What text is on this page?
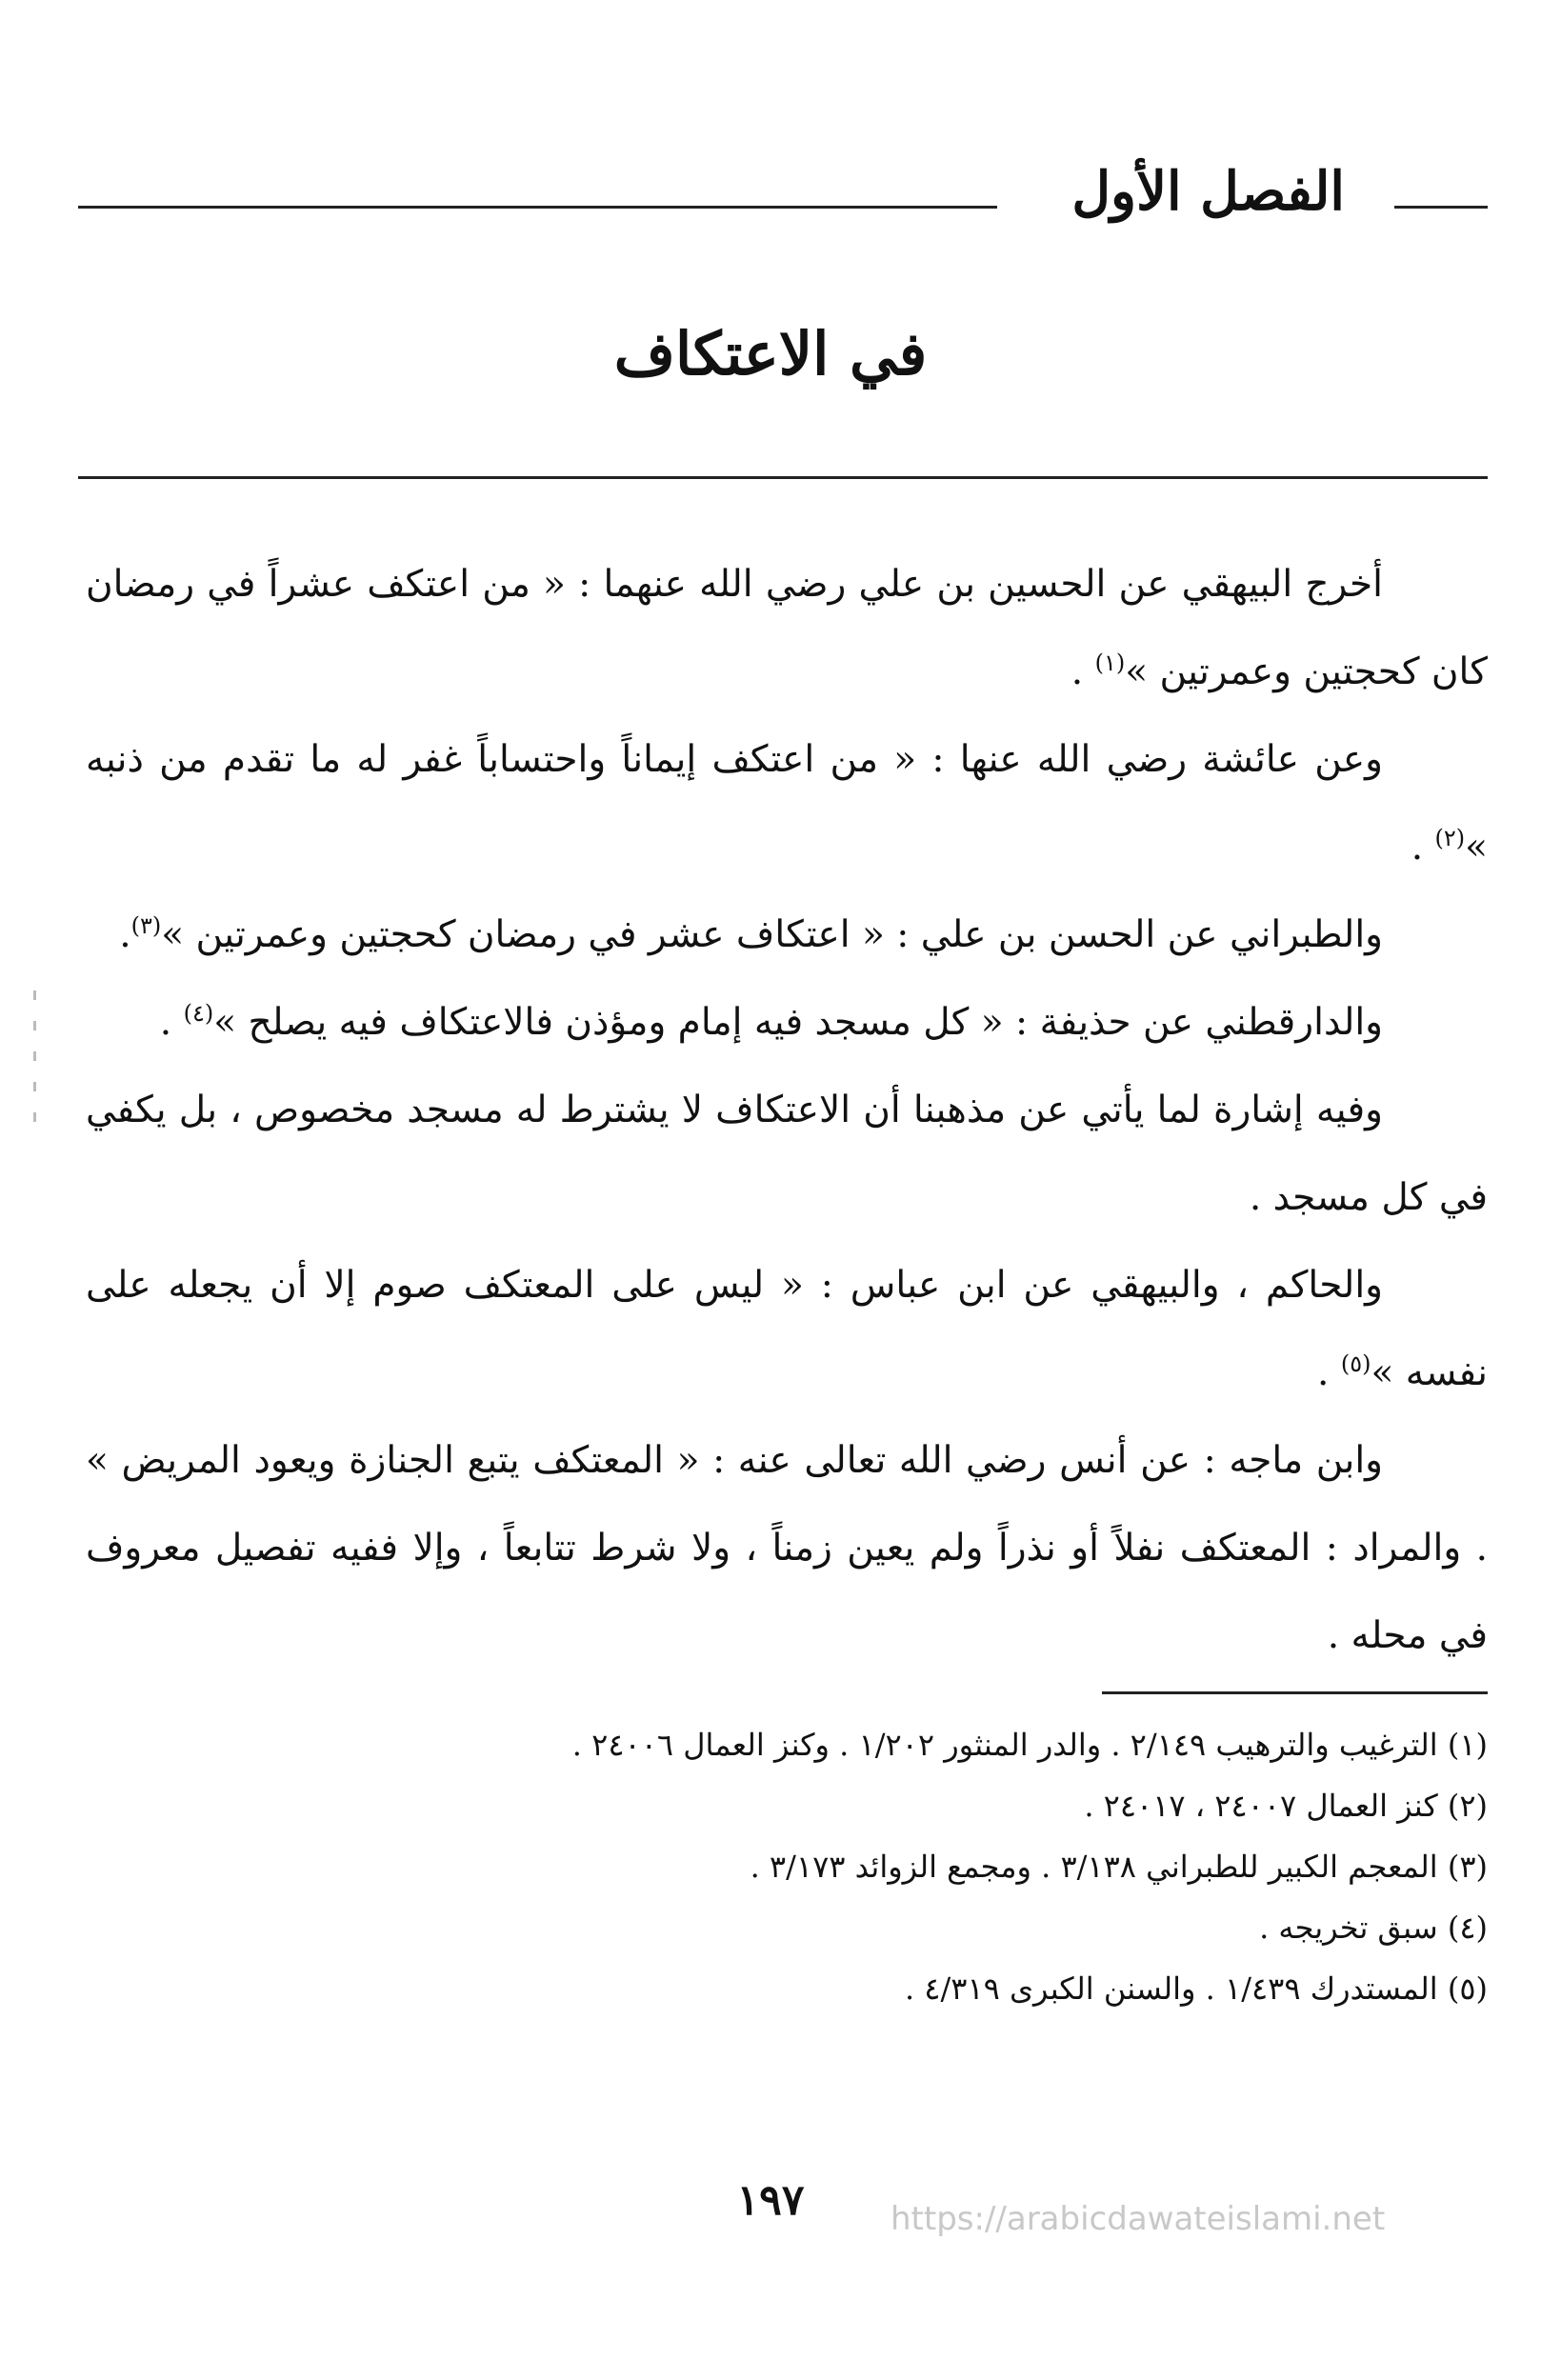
الفصل الأول
في الاعتكاف

أخرج البيهقي عن الحسين بن علي رضي الله عنهما : « من اعتكف عشراً في رمضان كان كحجتين وعمرتين »$^{(١)}$ .

وعن عائشة رضي الله عنها : « من اعتكف إيماناً واحتساباً غفر له ما تقدم من ذنبه »$^{(٢)}$ .

والطبراني عن الحسن بن علي : « اعتكاف عشر في رمضان كحجتين وعمرتين »$^{(٣)}$.

والدارقطني عن حذيفة : « كل مسجد فيه إمام ومؤذن فالاعتكاف فيه يصلح »$^{(٤)}$ .

وفيه إشارة لما يأتي عن مذهبنا أن الاعتكاف لا يشترط له مسجد مخصوص ، بل يكفي في كل مسجد .

والحاكم ، والبيهقي عن ابن عباس : « ليس على المعتكف صوم إلا أن يجعله على نفسه »$^{(٥)}$ .

وابن ماجه : عن أنس رضي الله تعالى عنه : « المعتكف يتبع الجنازة ويعود المريض » . والمراد : المعتكف نفلاً أو نذراً ولم يعين زمناً ، ولا شرط تتابعاً ، وإلا ففيه تفصيل معروف في محله .

(١) الترغيب والترهيب ٢/١٤٩ . والدر المنثور ١/٢٠٢ . وكنز العمال ٢٤٠٠٦ .
(٢) كنز العمال ٢٤٠٠٧ ، ٢٤٠١٧ .
(٣) المعجم الكبير للطبراني ٣/١٣٨ . ومجمع الزوائد ٣/١٧٣ .
(٤) سبق تخريجه .
(٥) المستدرك ١/٤٣٩ . والسنن الكبرى ٤/٣١٩ .
١٩٧	https://arabicdawateislami.net
